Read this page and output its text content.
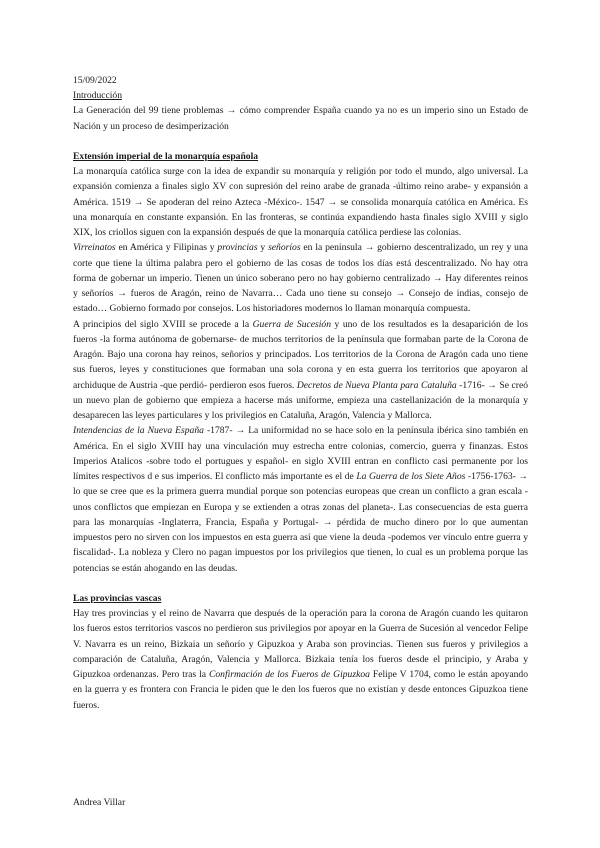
15/09/2022

Introducción

La Generación del 99 tiene problemas → cómo comprender España cuando ya no es un imperio sino un Estado de Nación y un proceso de desimperización

Extensión imperial de la monarquía española

La monarquía católica surge con la idea de expandir su monarquía y religión por todo el mundo, algo universal. La expansión comienza a finales siglo XV con supresión del reino arabe de granada -último reino arabe- y expansión a América. 1519 → Se apoderan del reino Azteca -México-. 1547 → se consolida monarquía católica en América. Es una monarquía en constante expansión. En las fronteras, se continúa expandiendo hasta finales siglo XVIII y siglo XIX, los criollos siguen con la expansión después de que la monarquía católica perdiese las colonias.

Virreinatos en América y Filipinas y provincias y señoríos en la península → gobierno descentralizado, un rey y una corte que tiene la última palabra pero el gobierno de las cosas de todos los días está descentralizado. No hay otra forma de gobernar un imperio. Tienen un único soberano pero no hay gobierno centralizado → Hay diferentes reinos y señoríos → fueros de Aragón, reino de Navarra… Cada uno tiene su consejo → Consejo de indias, consejo de estado… Gobierno formado por consejos. Los historiadores modernos lo llaman monarquía compuesta.

A principios del siglo XVIII se procede a la Guerra de Sucesión y uno de los resultados es la desaparición de los fueros -la forma autónoma de gobernarse- de muchos territorios de la península que formaban parte de la Corona de Aragón. Bajo una corona hay reinos, señoríos y principados. Los territorios de la Corona de Aragón cada uno tiene sus fueros, leyes y constituciones que formaban una sola corona y en esta guerra los territorios que apoyaron al archiduque de Austria -que perdió- perdieron esos fueros. Decretos de Nueva Planta para Cataluña -1716- → Se creó un nuevo plan de gobierno que empieza a hacerse más uniforme, empieza una castellanización de la monarquía y desaparecen las leyes particulares y los privilegios en Cataluña, Aragón, Valencia y Mallorca.

Intendencias de la Nueva España -1787- → La uniformidad no se hace solo en la península ibérica sino también en América. En el siglo XVIII hay una vinculación muy estrecha entre colonias, comercio, guerra y finanzas. Estos Imperios Atalicos -sobre todo el portugues y español- en siglo XVIII entran en conflicto casi permanente por los límites respectivos d e sus imperios. El conflicto más importante es el de La Guerra de los Siete Años -1756-1763- → lo que se cree que es la primera guerra mundial porque son potencias europeas que crean un conflicto a gran escala -unos conflictos que empiezan en Europa y se extienden a otras zonas del planeta-. Las consecuencias de esta guerra para las monarquías -Inglaterra, Francia, España y Portugal- → pérdida de mucho dinero por lo que aumentan impuestos pero no sirven con los impuestos en esta guerra así que viene la deuda -podemos ver vínculo entre guerra y fiscalidad-. La nobleza y Clero no pagan impuestos por los privilegios que tienen, lo cual es un problema porque las potencias se están ahogando en las deudas.

Las provincias vascas

Hay tres provincias y el reino de Navarra que después de la operación para la corona de Aragón cuando les quitaron los fueros estos territorios vascos no perdieron sus privilegios por apoyar en la Guerra de Sucesión al vencedor Felipe V. Navarra es un reino, Bizkaia un señorío y Gipuzkoa y Araba son provincias. Tienen sus fueros y privilegios a comparación de Cataluña, Aragón, Valencia y Mallorca. Bizkaia tenía los fueros desde el principio, y Araba y Gipuzkoa ordenanzas. Pero tras la Confirmación de los Fueros de Gipuzkoa Felipe V 1704, como le están apoyando en la guerra y es frontera con Francia le piden que le den los fueros que no existían y desde entonces Gipuzkoa tiene fueros.

Andrea Villar
